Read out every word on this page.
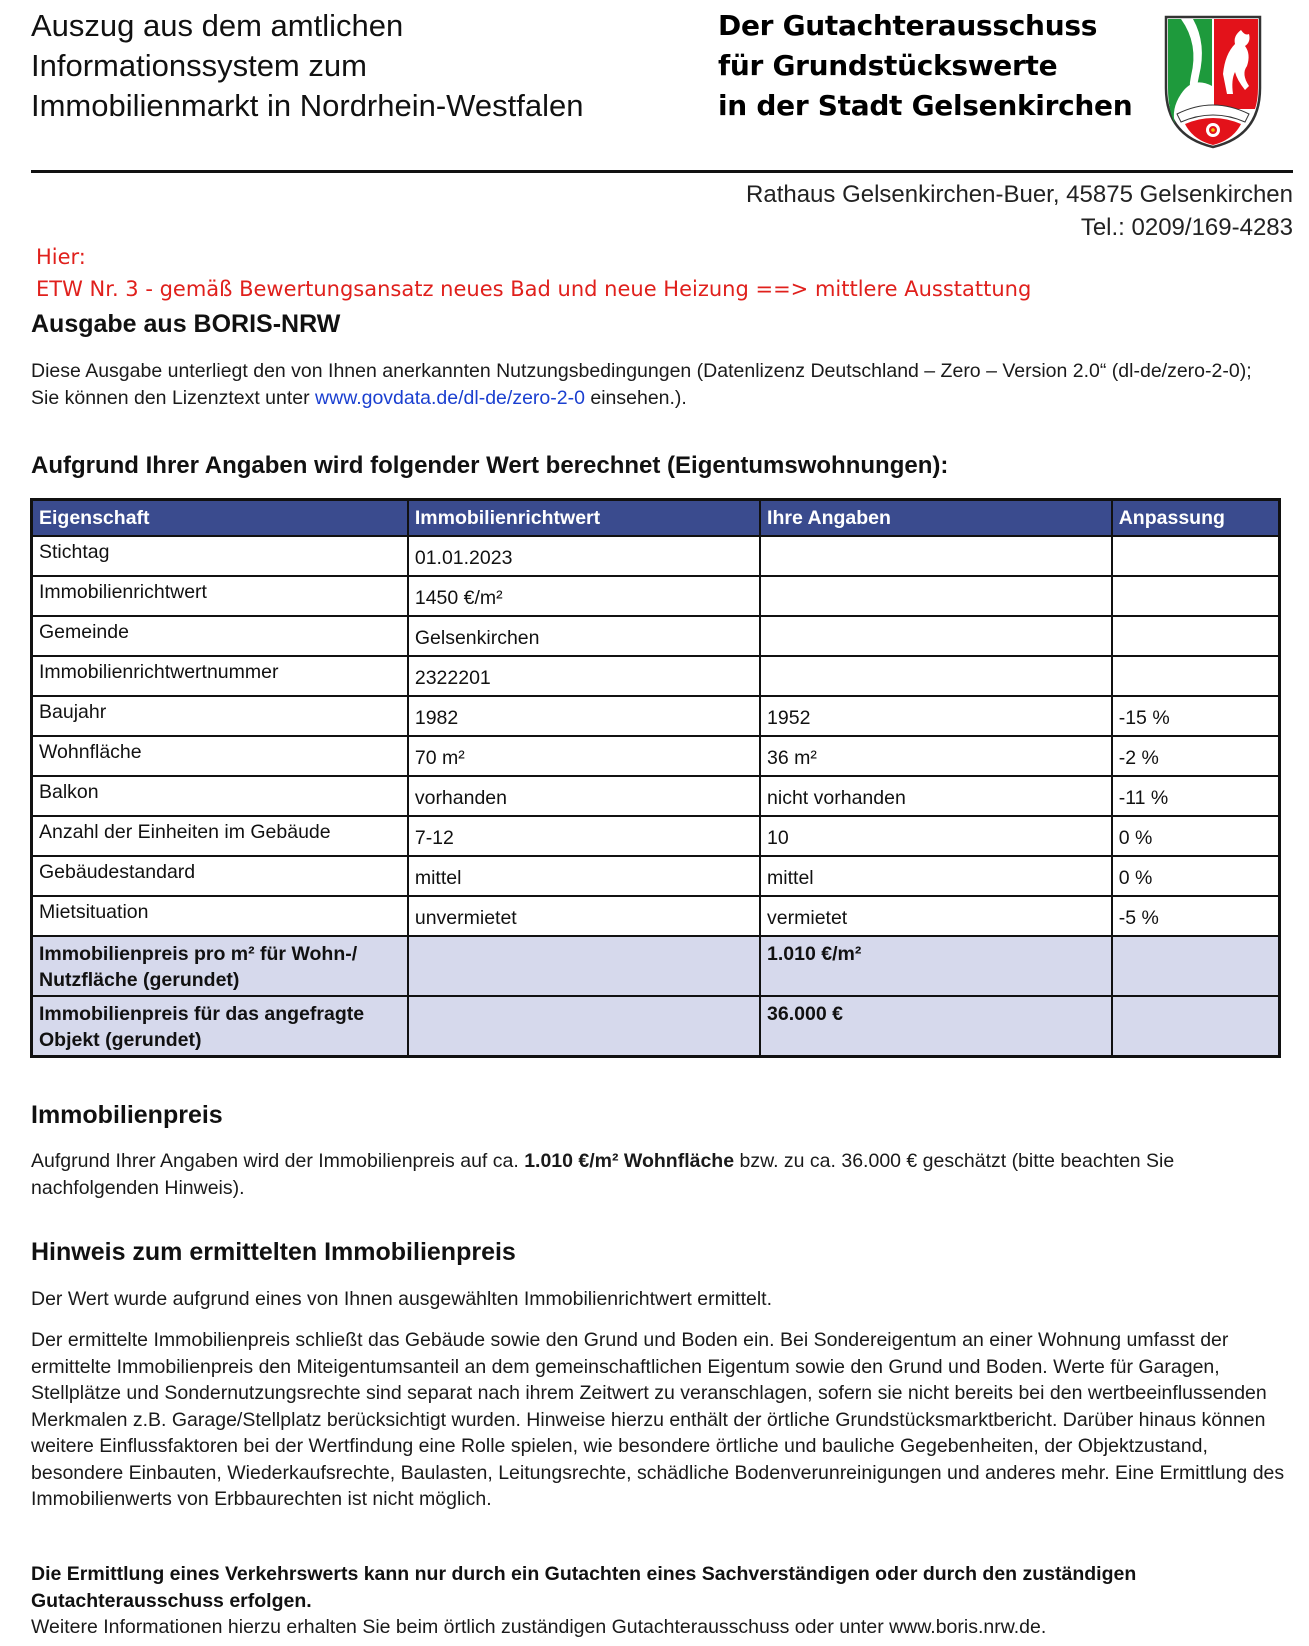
Auszug aus dem amtlichen Informationssystem zum Immobilienmarkt in Nordrhein-Westfalen
Der Gutachterausschuss
für Grundstückswerte
in der Stadt Gelsenkirchen
Rathaus Gelsenkirchen-Buer, 45875 Gelsenkirchen
Tel.: 0209/169-4283
Hier:
ETW Nr. 3 - gemäß Bewertungsansatz neues Bad und neue Heizung ==> mittlere Ausstattung
Ausgabe aus BORIS-NRW
Diese Ausgabe unterliegt den von Ihnen anerkannten Nutzungsbedingungen (Datenlizenz Deutschland – Zero – Version 2.0“ (dl-de/zero-2-0); Sie können den Lizenztext unter www.govdata.de/dl-de/zero-2-0 einsehen.).
Aufgrund Ihrer Angaben wird folgender Wert berechnet (Eigentumswohnungen):
Eigenschaft	Immobilienrichtwert	Ihre Angaben	Anpassung
Stichtag	01.01.2023		
Immobilienrichtwert	1450 €/m²		
Gemeinde	Gelsenkirchen		
Immobilienrichtwertnummer	2322201		
Baujahr	1982	1952	-15 %
Wohnfläche	70 m²	36 m²	-2 %
Balkon	vorhanden	nicht vorhanden	-11 %
Anzahl der Einheiten im Gebäude	7-12	10	0 %
Gebäudestandard	mittel	mittel	0 %
Mietsituation	unvermietet	vermietet	-5 %
Immobilienpreis pro m² für Wohn-/ Nutzfläche (gerundet)		1.010 €/m²	
Immobilienpreis für das angefragte Objekt (gerundet)		36.000 €	
Immobilienpreis
Aufgrund Ihrer Angaben wird der Immobilienpreis auf ca. 1.010 €/m² Wohnfläche bzw. zu ca. 36.000 € geschätzt (bitte beachten Sie nachfolgenden Hinweis).
Hinweis zum ermittelten Immobilienpreis
Der Wert wurde aufgrund eines von Ihnen ausgewählten Immobilienrichtwert ermittelt.
Der ermittelte Immobilienpreis schließt das Gebäude sowie den Grund und Boden ein. Bei Sondereigentum an einer Wohnung umfasst der ermittelte Immobilienpreis den Miteigentumsanteil an dem gemeinschaftlichen Eigentum sowie den Grund und Boden. Werte für Garagen, Stellplätze und Sondernutzungsrechte sind separat nach ihrem Zeitwert zu veranschlagen, sofern sie nicht bereits bei den wertbeeinflussenden Merkmalen z.B. Garage/Stellplatz berücksichtigt wurden. Hinweise hierzu enthält der örtliche Grundstücksmarktbericht. Darüber hinaus können weitere Einflussfaktoren bei der Wertfindung eine Rolle spielen, wie besondere örtliche und bauliche Gegebenheiten, der Objektzustand, besondere Einbauten, Wiederkaufsrechte, Baulasten, Leitungsrechte, schädliche Bodenverunreinigungen und anderes mehr. Eine Ermittlung des Immobilienwerts von Erbbaurechten ist nicht möglich.
Die Ermittlung eines Verkehrswerts kann nur durch ein Gutachten eines Sachverständigen oder durch den zuständigen Gutachterausschuss erfolgen.
Weitere Informationen hierzu erhalten Sie beim örtlich zuständigen Gutachterausschuss oder unter www.boris.nrw.de.
